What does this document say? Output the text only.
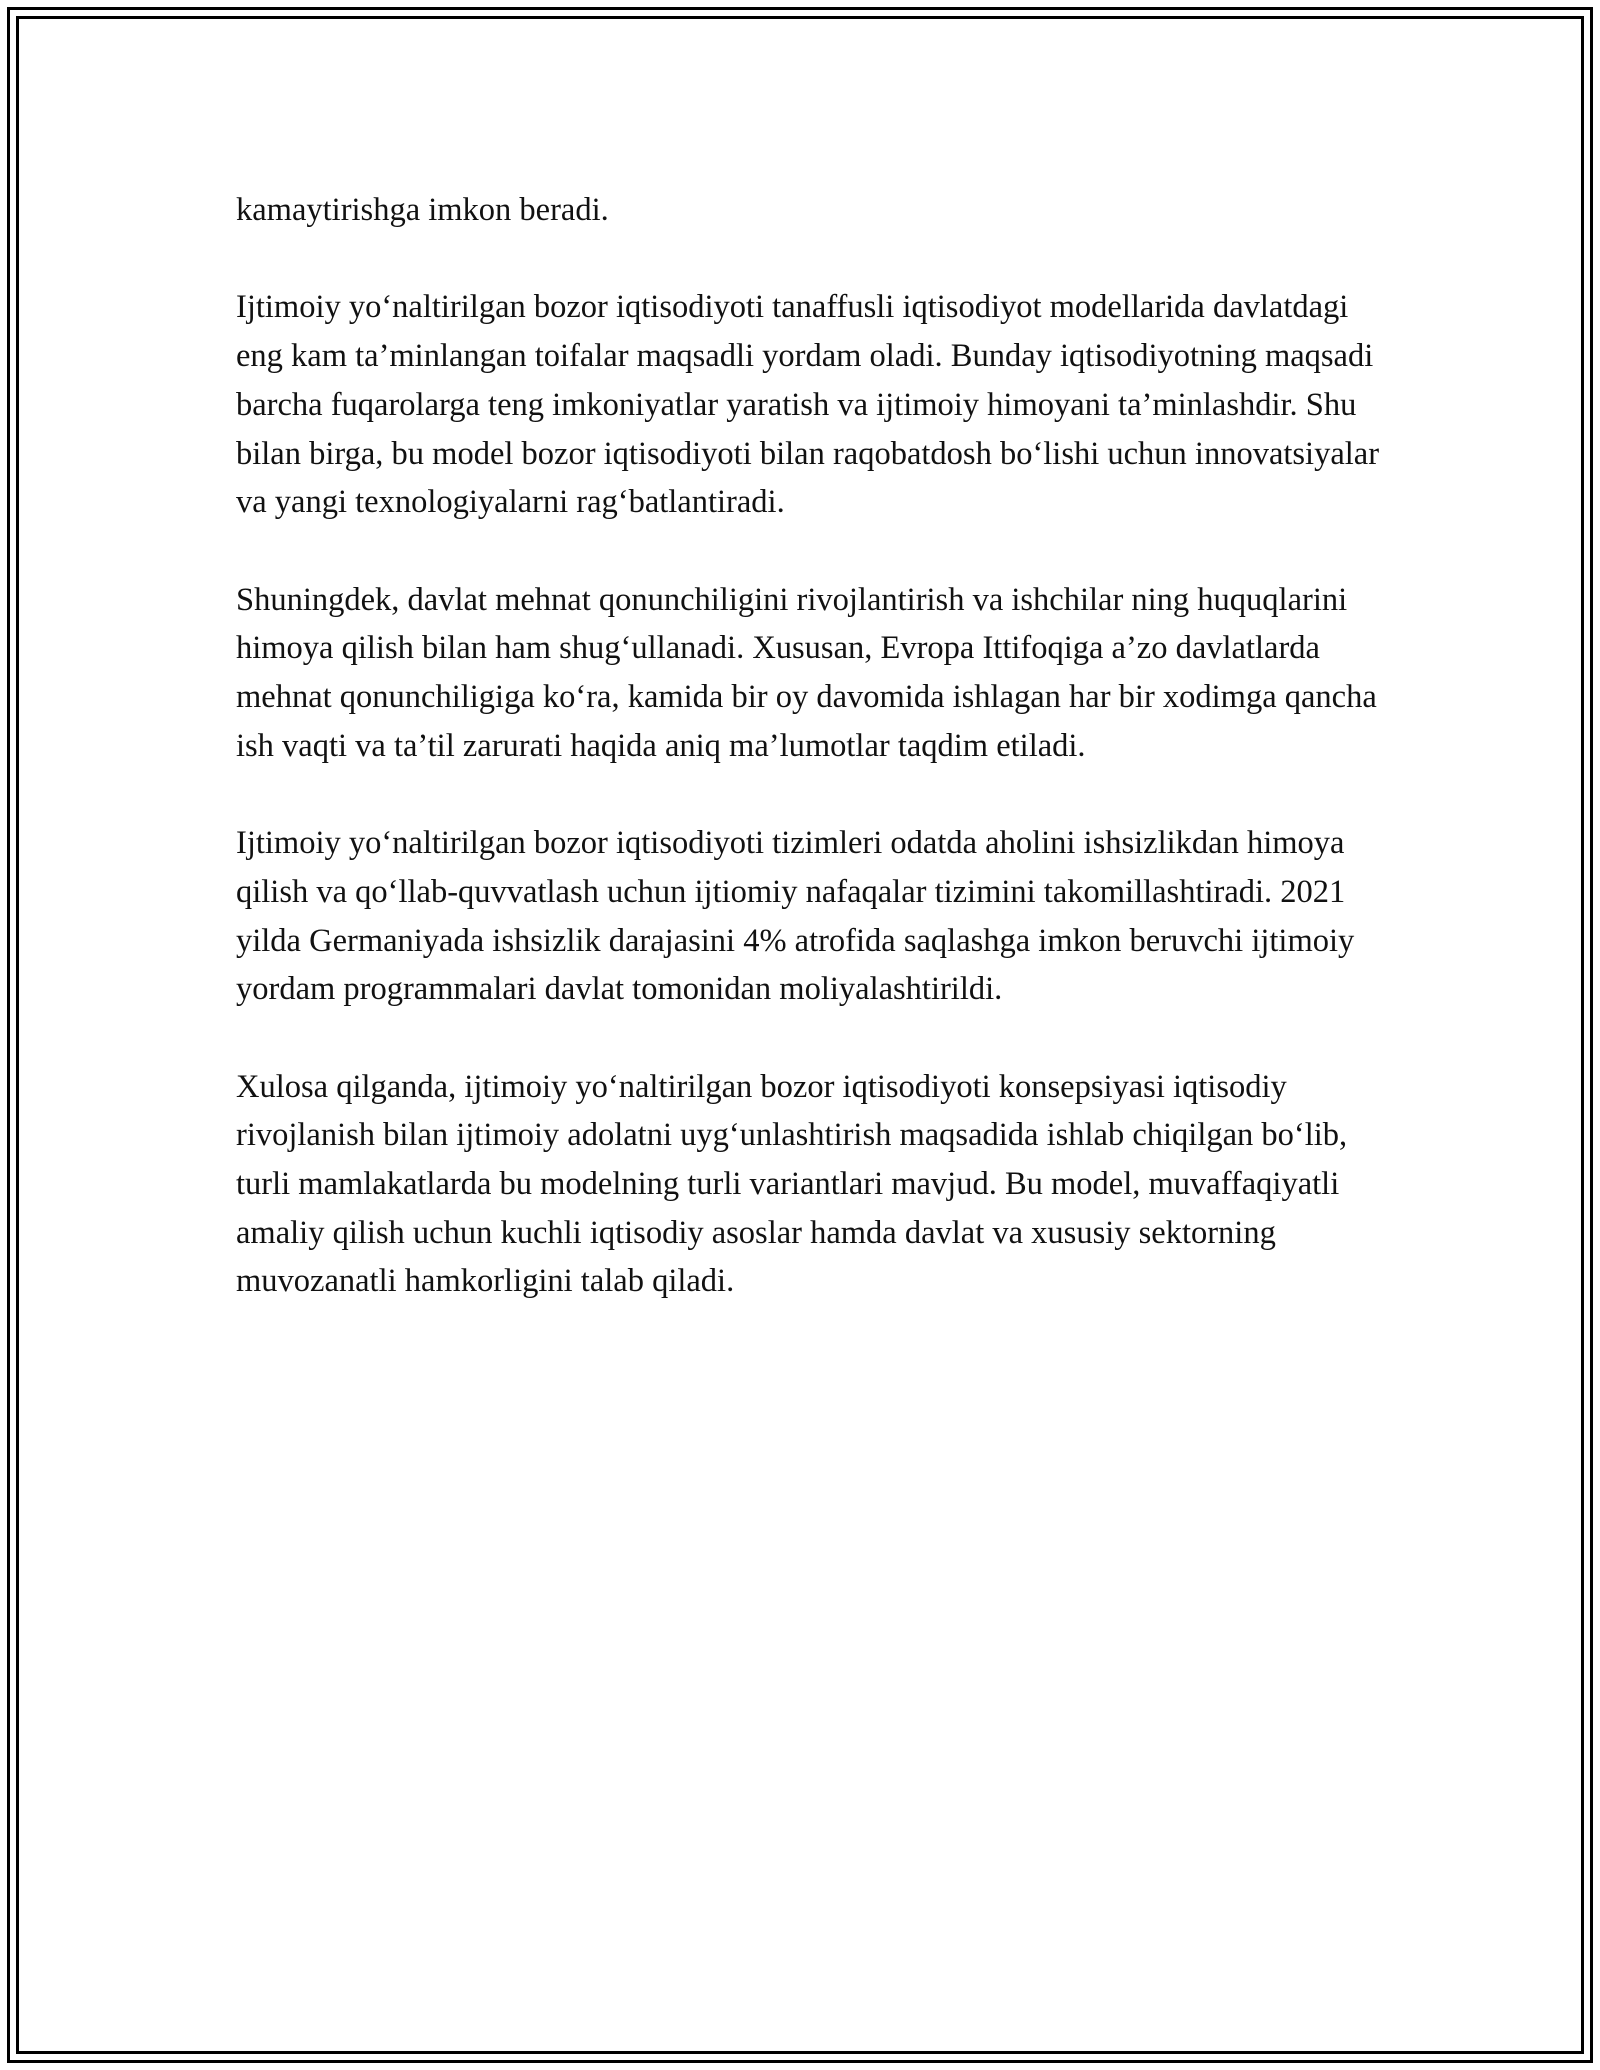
kamaytirishga imkon beradi.

Ijtimoiy yo‘naltirilgan bozor iqtisodiyoti tanaffusli iqtisodiyot modellarida davlatdagi eng kam ta’minlangan toifalar maqsadli yordam oladi. Bunday iqtisodiyotning maqsadi barcha fuqarolarga teng imkoniyatlar yaratish va ijtimoiy himoyani ta’minlashdir. Shu bilan birga, bu model bozor iqtisodiyoti bilan raqobatdosh bo‘lishi uchun innovatsiyalar va yangi texnologiyalarni rag‘batlantiradi.

Shuningdek, davlat mehnat qonunchiligini rivojlantirish va ishchilar ning huquqlarini himoya qilish bilan ham shug‘ullanadi. Xususan, Evropa Ittifoqiga a’zo davlatlarda mehnat qonunchiligiga ko‘ra, kamida bir oy davomida ishlagan har bir xodimga qancha ish vaqti va ta’til zarurati haqida aniq ma’lumotlar taqdim etiladi.

Ijtimoiy yo‘naltirilgan bozor iqtisodiyoti tizimleri odatda aholini ishsizlikdan himoya qilish va qo‘llab-quvvatlash uchun ijtiomiy nafaqalar tizimini takomillashtiradi. 2021 yilda Germaniyada ishsizlik darajasini 4% atrofida saqlashga imkon beruvchi ijtimoiy yordam programmalari davlat tomonidan moliyalashtirildi.

Xulosa qilganda, ijtimoiy yo‘naltirilgan bozor iqtisodiyoti konsepsiyasi iqtisodiy rivojlanish bilan ijtimoiy adolatni uyg‘unlashtirish maqsadida ishlab chiqilgan bo‘lib, turli mamlakatlarda bu modelning turli variantlari mavjud. Bu model, muvaffaqiyatli amaliy qilish uchun kuchli iqtisodiy asoslar hamda davlat va xususiy sektorning muvozanatli hamkorligini talab qiladi.
